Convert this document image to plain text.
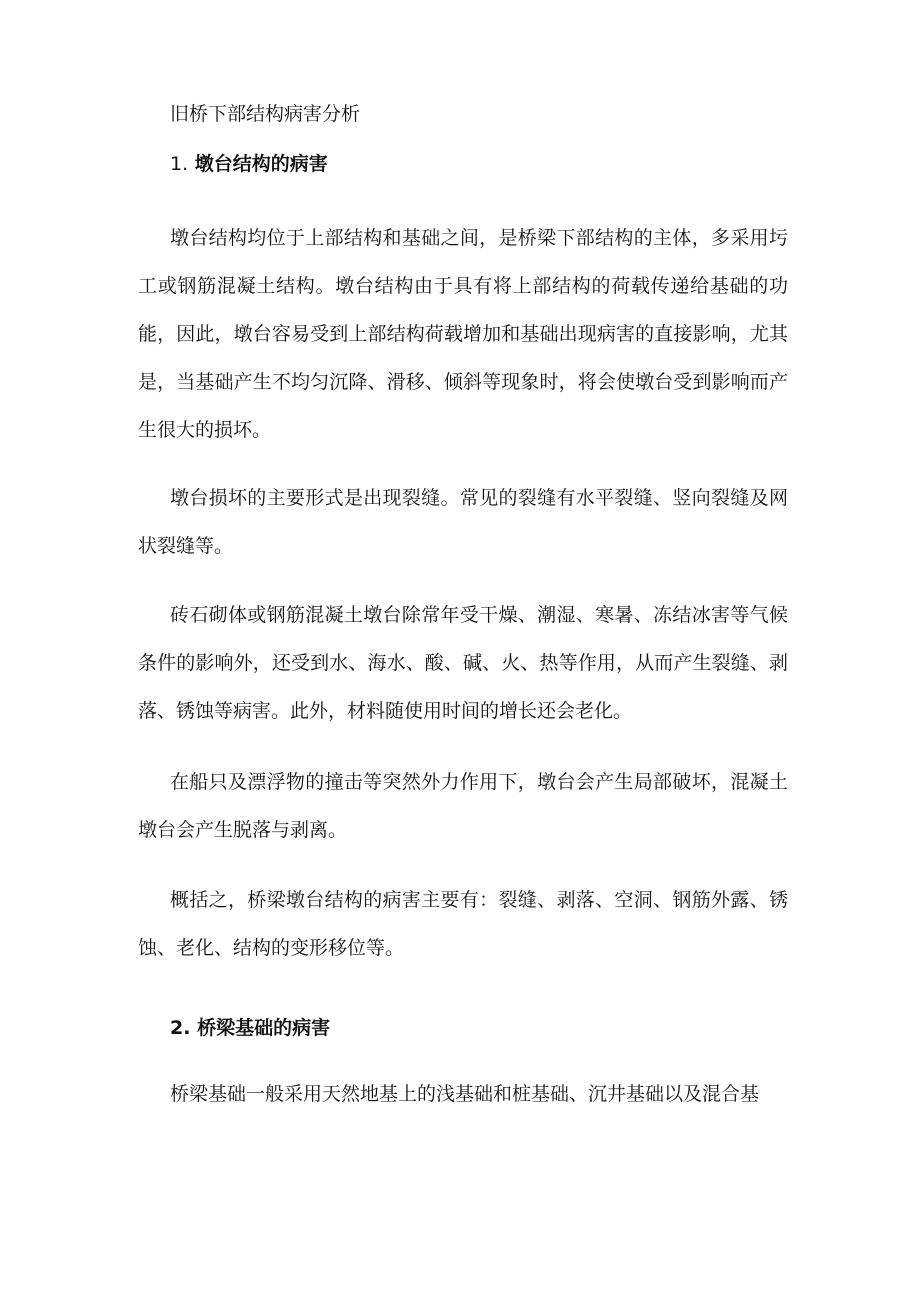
旧桥下部结构病害分析
1. 墩台结构的病害

墩台结构均位于上部结构和基础之间，是桥梁下部结构的主体，多采用圬工或钢筋混凝土结构。墩台结构由于具有将上部结构的荷载传递给基础的功能，因此，墩台容易受到上部结构荷载增加和基础出现病害的直接影响，尤其是，当基础产生不均匀沉降、滑移、倾斜等现象时，将会使墩台受到影响而产生很大的损坏。

墩台损坏的主要形式是出现裂缝。常见的裂缝有水平裂缝、竖向裂缝及网状裂缝等。

砖石砌体或钢筋混凝土墩台除常年受干燥、潮湿、寒暑、冻结冰害等气候条件的影响外，还受到水、海水、酸、碱、火、热等作用，从而产生裂缝、剥落、锈蚀等病害。此外，材料随使用时间的增长还会老化。

在船只及漂浮物的撞击等突然外力作用下，墩台会产生局部破坏，混凝土墩台会产生脱落与剥离。

概括之，桥梁墩台结构的病害主要有：裂缝、剥落、空洞、钢筋外露、锈蚀、老化、结构的变形移位等。

2. 桥梁基础的病害

桥梁基础一般采用天然地基上的浅基础和桩基础、沉井基础以及混合基
